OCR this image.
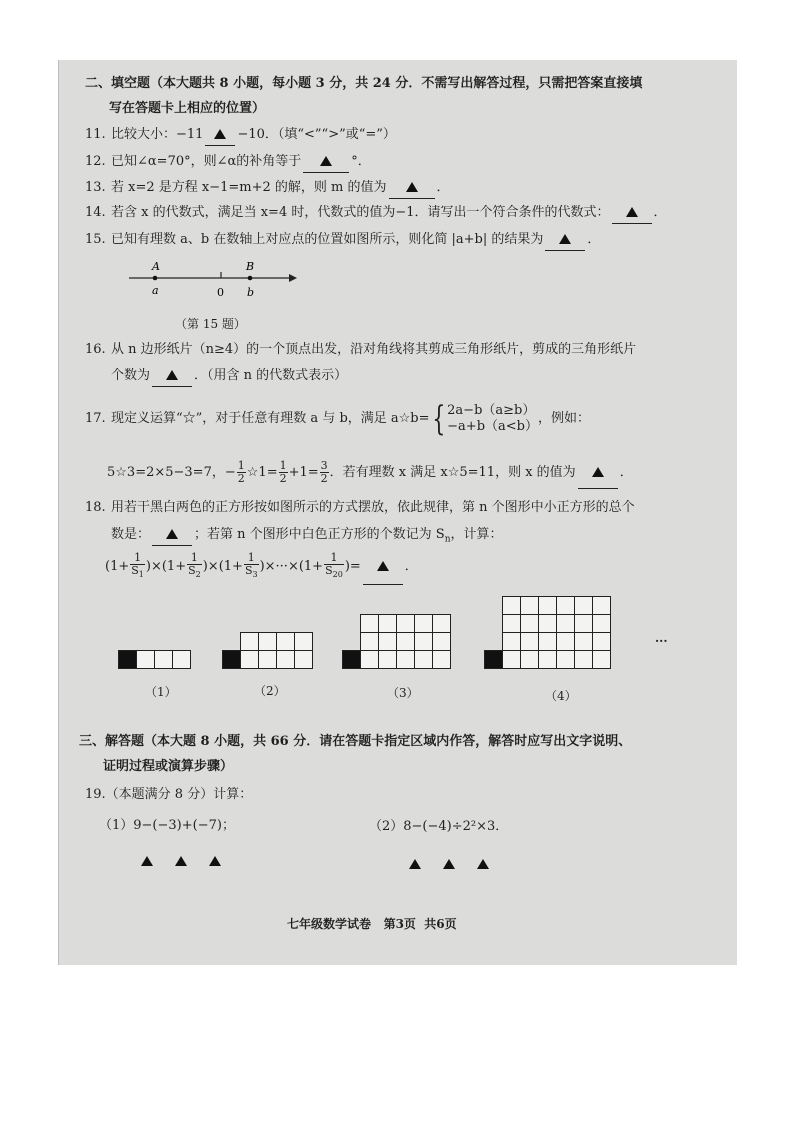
二、填空题（本大题共 8 小题，每小题 3 分，共 24 分．不需写出解答过程，只需把答案直接填
写在答题卡上相应的位置）
11. 比较大小：−11	−10．（填“<”“>”或“=”）
12. 已知∠α=70°，则∠α的补角等于	°．
13. 若 x=2 是方程 x−1=m+2 的解，则 m 的值为	．
14. 若含 x 的代数式，满足当 x=4 时，代数式的值为−1．请写出一个符合条件的代数式：	．
15. 已知有理数 a、b 在数轴上对应点的位置如图所示，则化简 |a+b| 的结果为	．
A
a	0
B
b
（第 15 题）
16. 从 n 边形纸片（n≥4）的一个顶点出发，沿对角线将其剪成三角形纸片，剪成的三角形纸片
个数为	．（用含 n 的代数式表示）
17. 现定义运算“☆”，对于任意有理数 a 与 b，满足 a☆b={ 2a−b（a≥b）
−a+b（a<b） ，例如：
5☆3=2×5−3=7，− $\frac{1}{2}$ ☆1= $\frac{1}{2} +1= \frac{3}{2}$ ．若有理数 x 满足 x☆5=11，则 x 的值为	．
18. 用若干黑白两色的正方形按如图所示的方式摆放，依此规律，第 n 个图形中小正方形的总个
数是：	；若第 n 个图形中白色正方形的个数记为 $S_n$，计算：
$(1+ \frac{1}{S_1} )\times(1+ \frac{1}{S_2} )\times(1+ \frac{1}{S_3} )\times\cdot\cdot\cdot\times(1+ \frac{1}{S_{20}}$ )=	．
（1）	（2）	（3）	（4）
···
三、解答题（本大题 8 小题，共 66 分．请在答题卡指定区域内作答，解答时应写出文字说明、
证明过程或演算步骤）
19.（本题满分 8 分）计算：
（1）9−(−3)+(−7)；	（2）8−(−4)÷2²×3．
七年级数学试卷 第3页 共6页
